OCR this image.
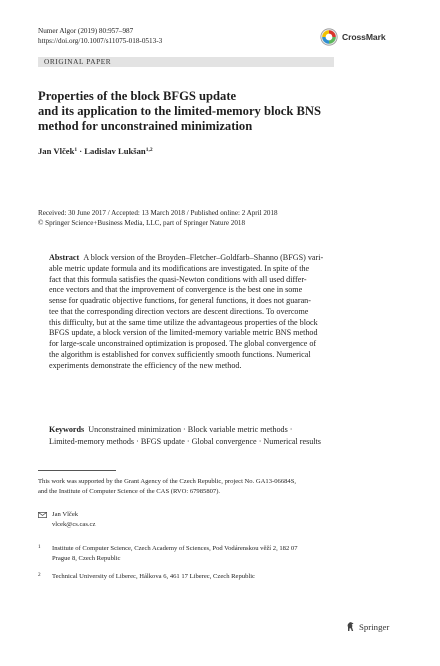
Numer Algor (2019) 80:957–987
https://doi.org/10.1007/s11075-018-0513-3	CrossMark
ORIGINAL PAPER
Properties of the block BFGS update
and its application to the limited-memory block BNS
method for unconstrained minimization
Jan Vlček$^1$ · Ladislav Lukšan$^{1,2}$
Received: 30 June 2017 / Accepted: 13 March 2018 / Published online: 2 April 2018
© Springer Science+Business Media, LLC, part of Springer Nature 2018
Abstract A block version of the Broyden–Fletcher–Goldfarb–Shanno (BFGS) vari-
able metric update formula and its modifications are investigated. In spite of the
fact that this formula satisfies the quasi-Newton conditions with all used differ-
ence vectors and that the improvement of convergence is the best one in some
sense for quadratic objective functions, for general functions, it does not guaran-
tee that the corresponding direction vectors are descent directions. To overcome
this difficulty, but at the same time utilize the advantageous properties of the block
BFGS update, a block version of the limited-memory variable metric BNS method
for large-scale unconstrained optimization is proposed. The global convergence of
the algorithm is established for convex sufficiently smooth functions. Numerical
experiments demonstrate the efficiency of the new method.
Keywords Unconstrained minimization · Block variable metric methods ·
Limited-memory methods · BFGS update · Global convergence · Numerical results
This work was supported by the Grant Agency of the Czech Republic, project No. GA13-06684S,
and the Institute of Computer Science of the CAS (RVO: 67985807).
Jan Vlček
vlcek@cs.cas.cz
1 Institute of Computer Science, Czech Academy of Sciences, Pod Vodárenskou věží 2, 182 07
Prague 8, Czech Republic
2 Technical University of Liberec, Hálkova 6, 461 17 Liberec, Czech Republic
Springer
